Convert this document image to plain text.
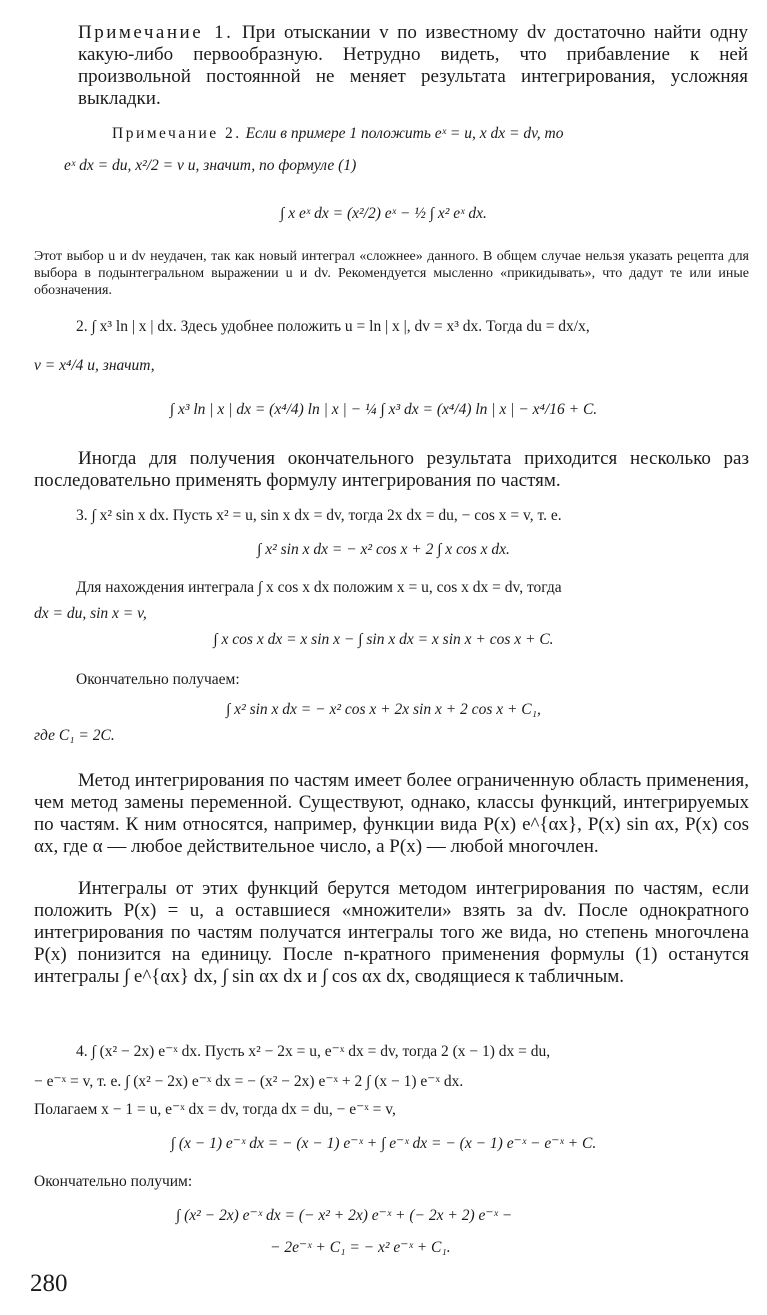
Примечание 1. При отыскании v по известному dv достаточно найти одну какую-либо первообразную. Нетрудно видеть, что прибавление к ней произвольной постоянной не меняет результата интегрирования, усложняя выкладки.
Примечание 2. Если в примере 1 положить eˣ = u, x dx = dv, то
eˣ dx = du, x²/2 = v и, значит, по формуле (1)
∫ x eˣ dx = (x²/2) eˣ − ½ ∫ x² eˣ dx.
Этот выбор u и dv неудачен, так как новый интеграл «сложнее» данного. В общем случае нельзя указать рецепта для выбора в подынтегральном выражении u и dv. Рекомендуется мысленно «прикидывать», что дадут те или иные обозначения.
2. ∫ x³ ln | x | dx. Здесь удобнее положить u = ln | x |, dv = x³ dx. Тогда du = dx/x,
v = x⁴/4 и, значит,
∫ x³ ln | x | dx = (x⁴/4) ln | x | − ¼ ∫ x³ dx = (x⁴/4) ln | x | − x⁴/16 + C.
Иногда для получения окончательного результата приходится несколько раз последовательно применять формулу интегрирования по частям.
3. ∫ x² sin x dx. Пусть x² = u, sin x dx = dv, тогда 2x dx = du, − cos x = v, т. е.
∫ x² sin x dx = − x² cos x + 2 ∫ x cos x dx.
Для нахождения интеграла ∫ x cos x dx положим x = u, cos x dx = dv, тогда
dx = du, sin x = v,
∫ x cos x dx = x sin x − ∫ sin x dx = x sin x + cos x + C.
Окончательно получаем:
∫ x² sin x dx = − x² cos x + 2x sin x + 2 cos x + C₁,
где C₁ = 2C.
Метод интегрирования по частям имеет более ограниченную область применения, чем метод замены переменной. Существуют, однако, классы функций, интегрируемых по частям. К ним относятся, например, функции вида P(x) e^{αx}, P(x) sin αx, P(x) cos αx, где α — любое действительное число, а P(x) — любой многочлен.
Интегралы от этих функций берутся методом интегрирования по частям, если положить P(x) = u, а оставшиеся «множители» взять за dv. После однократного интегрирования по частям получатся интегралы того же вида, но степень многочлена P(x) понизится на единицу. После n-кратного применения формулы (1) останутся интегралы ∫ e^{αx} dx, ∫ sin αx dx и ∫ cos αx dx, сводящиеся к табличным.
4. ∫ (x² − 2x) e⁻ˣ dx. Пусть x² − 2x = u, e⁻ˣ dx = dv, тогда 2 (x − 1) dx = du,
− e⁻ˣ = v, т. е. ∫ (x² − 2x) e⁻ˣ dx = − (x² − 2x) e⁻ˣ + 2 ∫ (x − 1) e⁻ˣ dx.
Полагаем x − 1 = u, e⁻ˣ dx = dv, тогда dx = du, − e⁻ˣ = v,
∫ (x − 1) e⁻ˣ dx = − (x − 1) e⁻ˣ + ∫ e⁻ˣ dx = − (x − 1) e⁻ˣ − e⁻ˣ + C.
Окончательно получим:
∫ (x² − 2x) e⁻ˣ dx = (− x² + 2x) e⁻ˣ + (− 2x + 2) e⁻ˣ −
− 2e⁻ˣ + C₁ = − x² e⁻ˣ + C₁.
280
